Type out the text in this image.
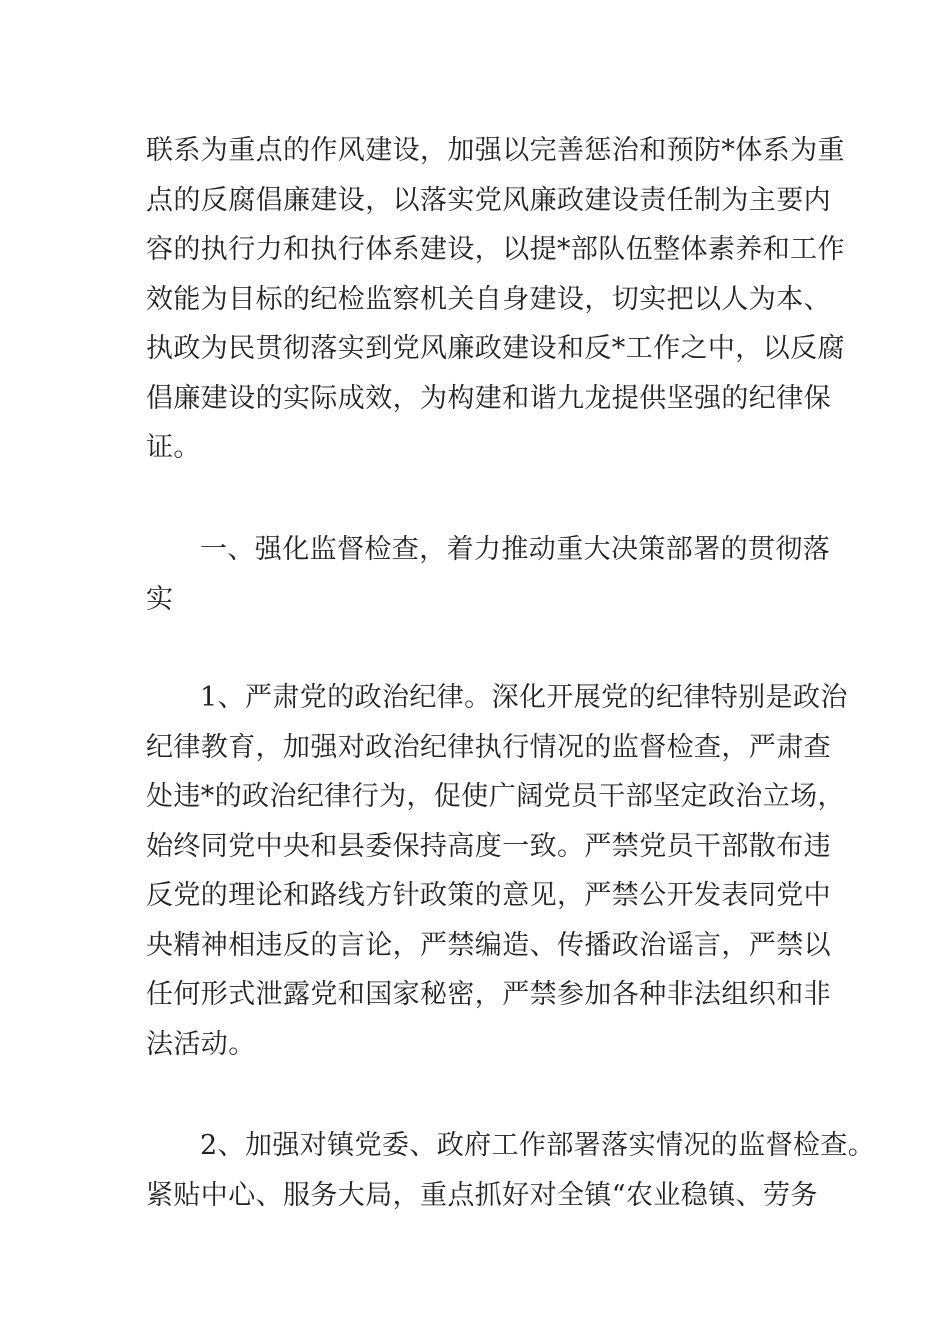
联系为重点的作风建设，加强以完善惩治和预防*体系为重
点的反腐倡廉建设，以落实党风廉政建设责任制为主要内
容的执行力和执行体系建设，以提*部队伍整体素养和工作
效能为目标的纪检监察机关自身建设，切实把以人为本、
执政为民贯彻落实到党风廉政建设和反*工作之中，以反腐
倡廉建设的实际成效，为构建和谐九龙提供坚强的纪律保
证。
一、强化监督检查，着力推动重大决策部署的贯彻落
实
1、严肃党的政治纪律。深化开展党的纪律特别是政治
纪律教育，加强对政治纪律执行情况的监督检查，严肃查
处违*的政治纪律行为，促使广阔党员干部坚定政治立场，
始终同党中央和县委保持高度一致。严禁党员干部散布违
反党的理论和路线方针政策的意见，严禁公开发表同党中
央精神相违反的言论，严禁编造、传播政治谣言，严禁以
任何形式泄露党和国家秘密，严禁参加各种非法组织和非
法活动。
2、加强对镇党委、政府工作部署落实情况的监督检查。
紧贴中心、服务大局，重点抓好对全镇“农业稳镇、劳务
